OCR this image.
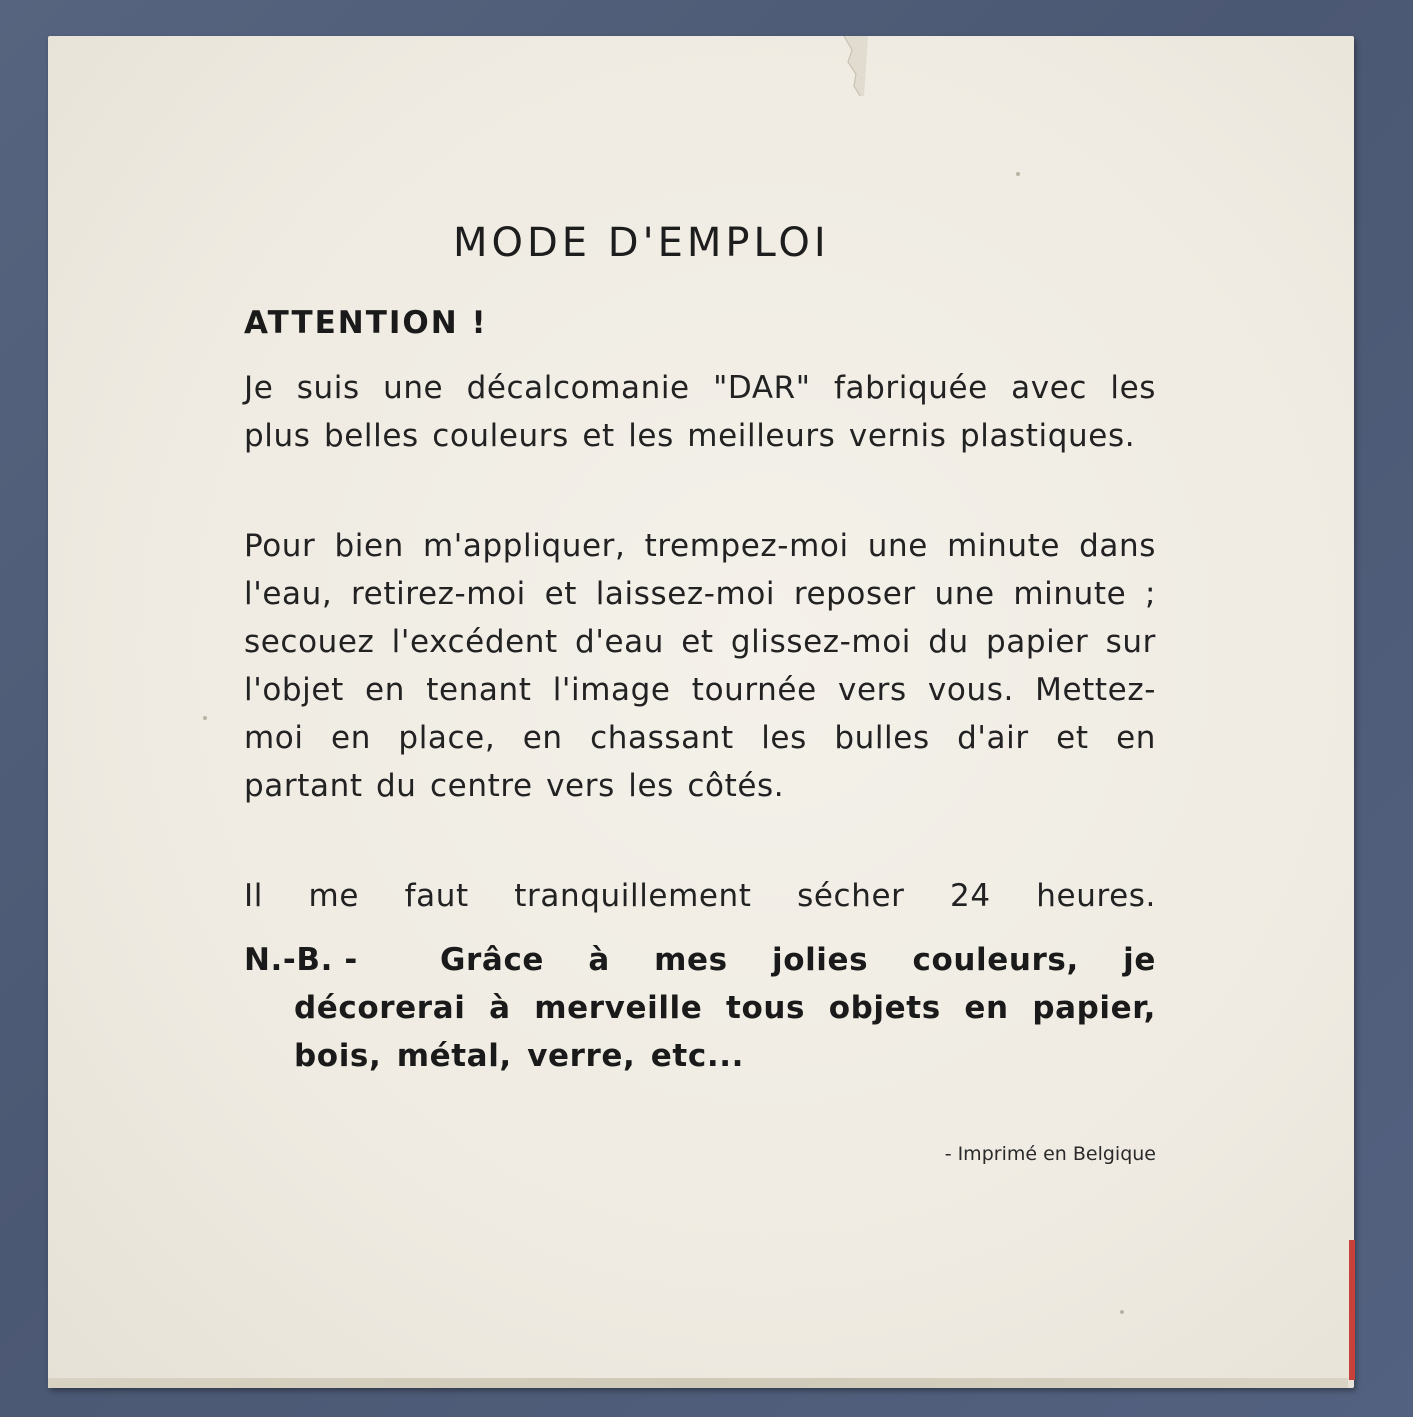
MODE D'EMPLOI
ATTENTION !
Je suis une décalcomanie "DAR" fabriquée avec les plus belles couleurs et les meilleurs vernis plastiques.
Pour bien m'appliquer, trempez-moi une minute dans l'eau, retirez-moi et laissez-moi reposer une minute ; secouez l'excédent d'eau et glissez-moi du papier sur l'objet en tenant l'image tournée vers vous. Mettez-moi en place, en chassant les bulles d'air et en partant du centre vers les côtés.
Il me faut tranquillement sécher 24 heures.
N.-B. -	Grâce à mes jolies couleurs, je décorerai à merveille tous objets en papier, bois, métal, verre, etc...
- Imprimé en Belgique
